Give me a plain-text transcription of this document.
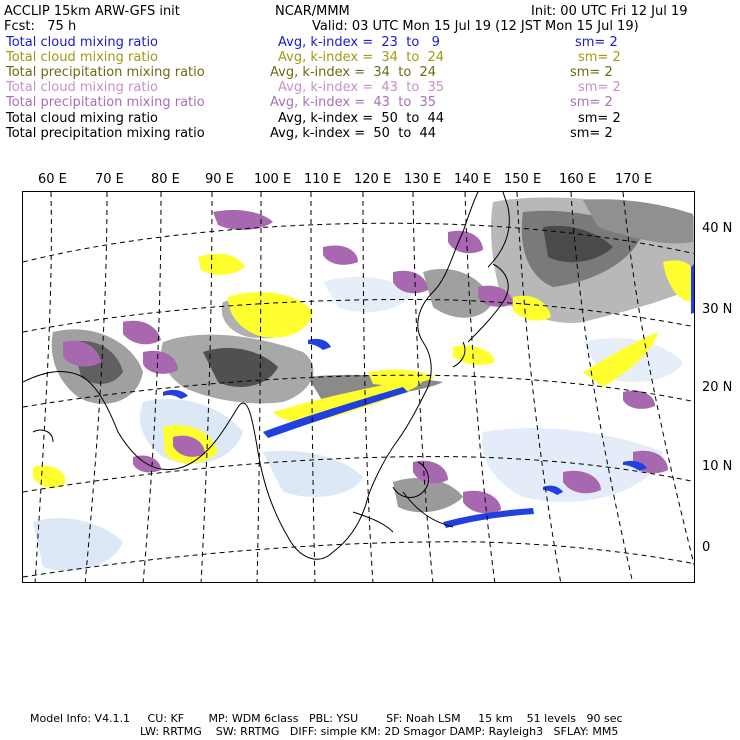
ACCLIP 15km ARW-GFS init	NCAR/MMM	Init: 00 UTC Fri 12 Jul 19
Fcst:   75 h	Valid: 03 UTC Mon 15 Jul 19 (12 JST Mon 15 Jul 19)
Total cloud mixing ratio	Avg, k-index =  23  to   9	sm= 2
Total cloud mixing ratio	Avg, k-index =  34  to  24	sm= 2
Total precipitation mixing ratio	Avg, k-index =  34  to  24	sm= 2
Total cloud mixing ratio	Avg, k-index =  43  to  35	sm= 2
Total precipitation mixing ratio	Avg, k-index =  43  to  35	sm= 2
Total cloud mixing ratio	Avg, k-index =  50  to  44	sm= 2
Total precipitation mixing ratio	Avg, k-index =  50  to  44	sm= 2
60 E 70 E 80 E 90 E 100 E 110 E 120 E 130 E 140 E 150 E 160 E 170 E
40 N
30 N
20 N
10 N
0
Model Info: V4.1.1     CU: KF       MP: WDM 6class   PBL: YSU        SF: Noah LSM     15 km    51 levels   90 sec
LW: RRTMG    SW: RRTMG   DIFF: simple KM: 2D Smagor DAMP: Rayleigh3   SFLAY: MM5
